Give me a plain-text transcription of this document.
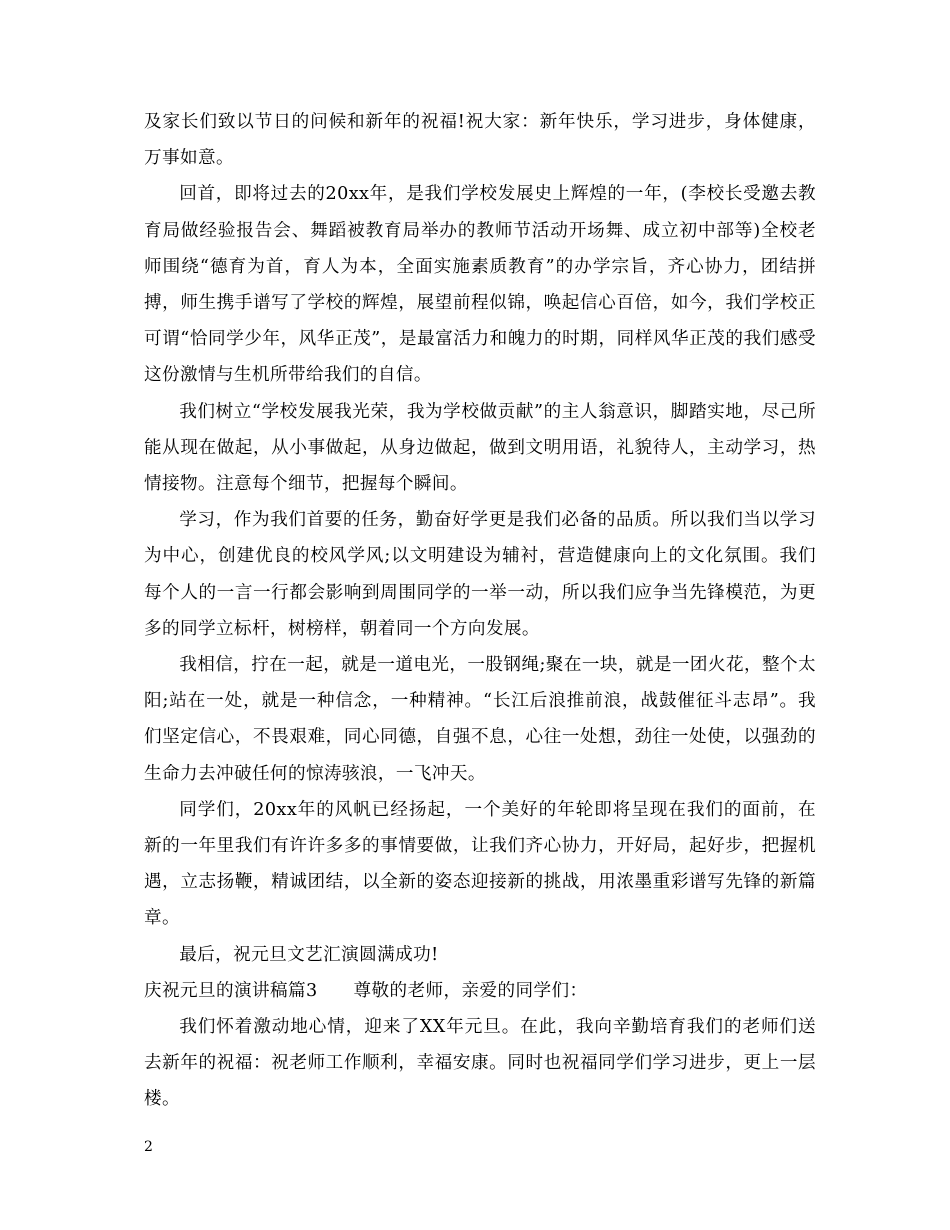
及家长们致以节日的问候和新年的祝福!祝大家：新年快乐，学习进步，身体健康，万事如意。

回首，即将过去的20xx年，是我们学校发展史上辉煌的一年，(李校长受邀去教育局做经验报告会、舞蹈被教育局举办的教师节活动开场舞、成立初中部等)全校老师围绕“德育为首，育人为本，全面实施素质教育”的办学宗旨，齐心协力，团结拼搏，师生携手谱写了学校的辉煌，展望前程似锦，唤起信心百倍，如今，我们学校正可谓“恰同学少年，风华正茂”，是最富活力和魄力的时期，同样风华正茂的我们感受这份激情与生机所带给我们的自信。

我们树立“学校发展我光荣，我为学校做贡献”的主人翁意识，脚踏实地，尽己所能从现在做起，从小事做起，从身边做起，做到文明用语，礼貌待人，主动学习，热情接物。注意每个细节，把握每个瞬间。

学习，作为我们首要的任务，勤奋好学更是我们必备的品质。所以我们当以学习为中心，创建优良的校风学风;以文明建设为辅衬，营造健康向上的文化氛围。我们每个人的一言一行都会影响到周围同学的一举一动，所以我们应争当先锋模范，为更多的同学立标杆，树榜样，朝着同一个方向发展。

我相信，拧在一起，就是一道电光，一股钢绳;聚在一块，就是一团火花，整个太阳;站在一处，就是一种信念，一种精神。“长江后浪推前浪，战鼓催征斗志昂”。我们坚定信心，不畏艰难，同心同德，自强不息，心往一处想，劲往一处使，以强劲的生命力去冲破任何的惊涛骇浪，一飞冲天。

同学们，20xx年的风帆已经扬起，一个美好的年轮即将呈现在我们的面前，在新的一年里我们有许许多多的事情要做，让我们齐心协力，开好局，起好步，把握机遇，立志扬鞭，精诚团结，以全新的姿态迎接新的挑战，用浓墨重彩谱写先锋的新篇章。

最后，祝元旦文艺汇演圆满成功!

庆祝元旦的演讲稿篇3　　尊敬的老师，亲爱的同学们：

我们怀着激动地心情，迎来了XX年元旦。在此，我向辛勤培育我们的老师们送去新年的祝福：祝老师工作顺利，幸福安康。同时也祝福同学们学习进步，更上一层楼。

2
